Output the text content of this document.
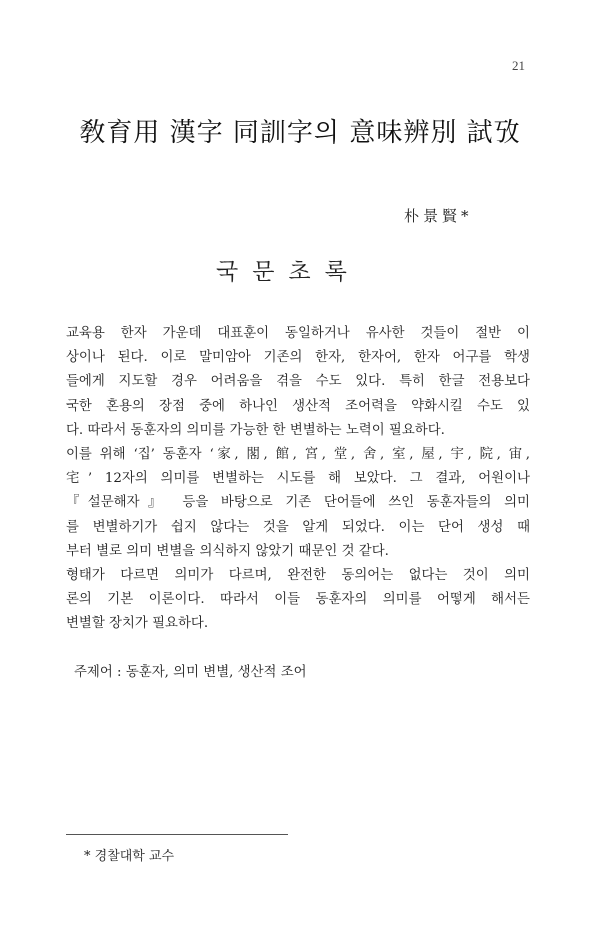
21
敎育用 漢字 同訓字의 意味辨別 試攷
朴景賢*
국문초록
교육용 한자 가운데 대표훈이 동일하거나 유사한 것들이 절반 이
상이나 된다. 이로 말미암아 기존의 한자, 한자어, 한자 어구를 학생
들에게 지도할 경우 어려움을 겪을 수도 있다. 특히 한글 전용보다
국한 혼용의 장점 중에 하나인 생산적 조어력을 약화시킬 수도 있
다. 따라서 동훈자의 의미를 가능한 한 변별하는 노력이 필요하다.
이를 위해 ‘집’ 동훈자 ‘家, 閣, 館, 宮, 堂, 舍, 室, 屋, 宇, 院, 宙,
宅’ 12자의 의미를 변별하는 시도를 해 보았다. 그 결과, 어원이나
『설문해자』 등을 바탕으로 기존 단어들에 쓰인 동훈자들의 의미
를 변별하기가 쉽지 않다는 것을 알게 되었다. 이는 단어 생성 때
부터 별로 의미 변별을 의식하지 않았기 때문인 것 같다.
형태가 다르면 의미가 다르며, 완전한 동의어는 없다는 것이 의미
론의 기본 이론이다. 따라서 이들 동훈자의 의미를 어떻게 해서든
변별할 장치가 필요하다.
주제어 : 동훈자, 의미 변별, 생산적 조어
* 경찰대학 교수
